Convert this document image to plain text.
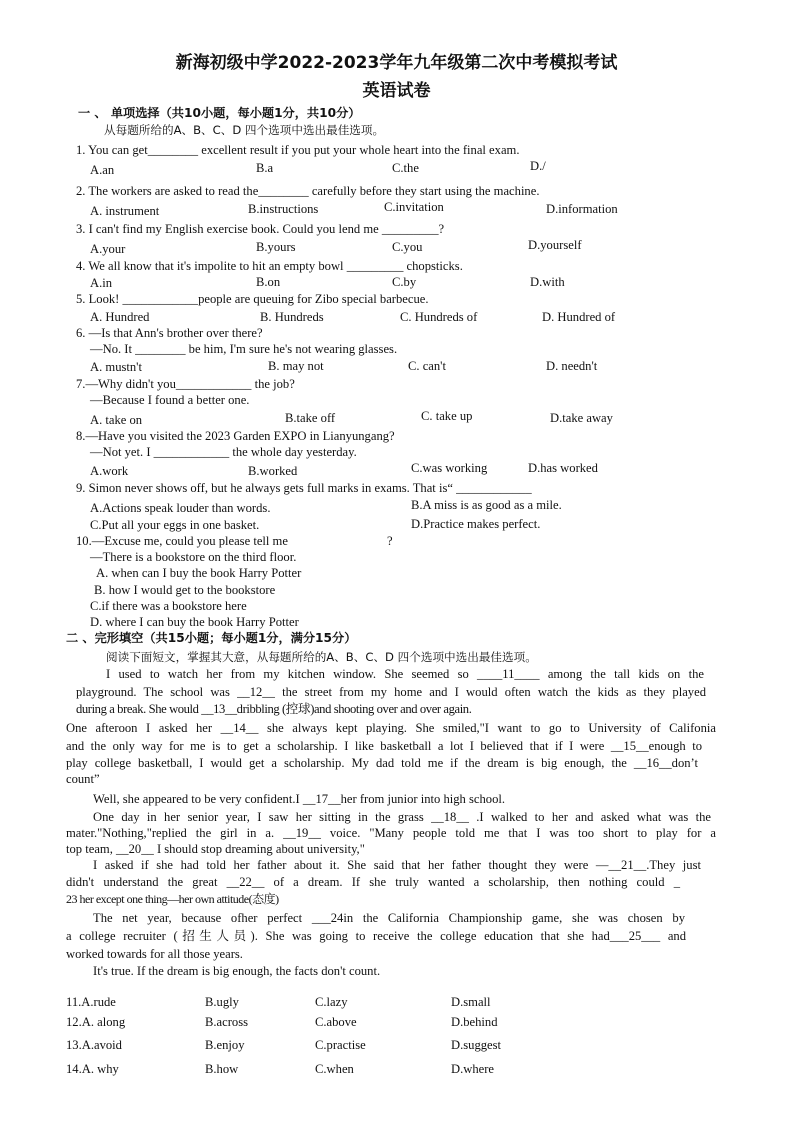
新海初级中学2022-2023学年九年级第二次中考模拟考试
英语试卷
一 、 单项选择（共10小题，每小题1分，共10分）
从每题所给的A、B、C、D 四个选项中选出最佳选项。
1. You can get________ excellent result if you put your whole heart into the final exam.
A.an	B.a	C.the	D./
2. The workers are asked to read the________ carefully before they start using the machine.
A. instrument	B.instructions	C.invitation	D.information
3. I can't find my English exercise book. Could you lend me _________?
A.your	B.yours	C.you	D.yourself
4. We all know that it's impolite to hit an empty bowl _________ chopsticks.
A.in	B.on	C.by	D.with
5. Look! ____________people are queuing for Zibo special barbecue.
A. Hundred	B. Hundreds	C. Hundreds of	D. Hundred of
6. —Is that Ann's brother over there?
—No. It ________ be him, I'm sure he's not wearing glasses.
A. mustn't	B. may not	C. can't	D. needn't
7.—Why didn't you____________ the job?
—Because I found a better one.
A. take on	B.take off	C. take up	D.take away
8.—Have you visited the 2023 Garden EXPO in Lianyungang?
—Not yet. I ____________ the whole day yesterday.
A.work	B.worked	C.was working	D.has worked
9. Simon never shows off, but he always gets full marks in exams. That is“ ____________
A.Actions speak louder than words.	B.A miss is as good as a mile.
C.Put all your eggs in one basket.	D.Practice makes perfect.
10.—Excuse me, could you please tell me	?
—There is a bookstore on the third floor.
A. when can I buy the book Harry Potter
B. how I would get to the bookstore
C.if there was a bookstore here
D. where I can buy the book Harry Potter
二 、完形填空（共15小题；每小题1分，满分15分）
阅读下面短文，掌握其大意，从每题所给的A、B、C、D 四个选项中选出最佳选项。
I used to watch her from my kitchen window. She seemed so ____11____ among the tall kids on the
playground. The school was __12__ the street from my home and I would often watch the kids as they played
during a break. She would __13__dribbling (控球)and shooting over and over again.
One afteroon I asked her __14__ she always kept playing. She smiled,"I want to go to University of Califonia
and the only way for me is to get a scholarship. I like basketball a lot I believed that if I were __15__enough to
play college basketball, I would get a scholarship. My dad told me if the dream is big enough, the __16__don’t
count”
Well, she appeared to be very confident.I __17__her from junior into high school.
One day in her senior year, I saw her sitting in the grass __18__ .I walked to her and asked what was the
mater."Nothing,"replied the girl in a. __19__ voice. "Many people told me that I was too short to play for a
top team, __20__ I should stop dreaming about university,"
I asked if she had told her father about it. She said that her father thought they were —__21__.They just
didn't understand the great __22__ of a dream. If she truly wanted a scholarship, then nothing could _
23 her except one thing—her own attitude(态度)
The net year, because ofher perfect ___24in the California Championship game, she was chosen by
a college recruiter (招生人员). She was going to receive the college education that she had___25___ and
worked towards for all those years.
It's true. If the dream is big enough, the facts don't count.
11.A.rude	B.ugly	C.lazy	D.small
12.A. along	B.across	C.above	D.behind
13.A.avoid	B.enjoy	C.practise	D.suggest
14.A. why	B.how	C.when	D.where
